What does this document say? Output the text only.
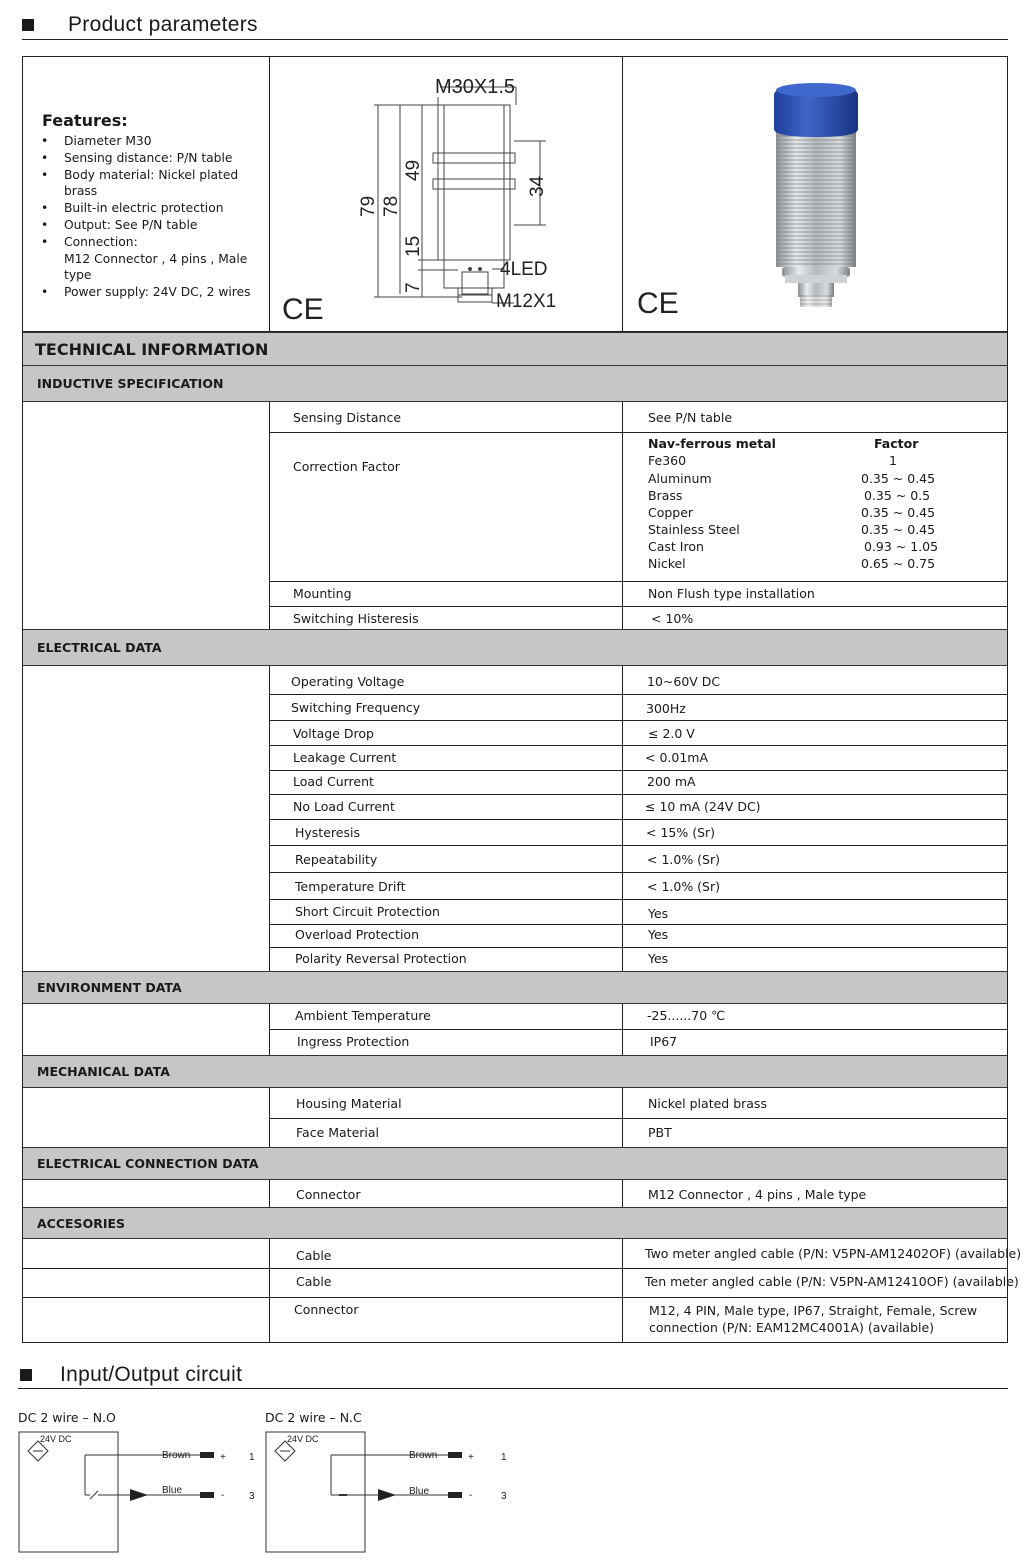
Product parameters
Features:
• Diameter M30
• Sensing distance: P/N table
• Body material: Nickel plated brass
• Built-in electric protection
• Output: See P/N table
• Connection:
M12 Connector , 4 pins , Male type
• Power supply: 24V DC, 2 wires
M30X1.5
79 78
49
34
15
7
4LED
M12X1
CE	CE
TECHNICAL INFORMATION
INDUCTIVE SPECIFICATION
Sensing Distance	See P/N table
Correction Factor
Nav-ferrous metal	Factor
Fe360	1
Aluminum	0.35 ~ 0.45
Brass	0.35 ~ 0.5
Copper	0.35 ~ 0.45
Stainless Steel	0.35 ~ 0.45
Cast Iron	0.93 ~ 1.05
Nickel	0.65 ~ 0.75
Mounting	Non Flush type installation
Switching Histeresis	< 10%
ELECTRICAL DATA
Operating Voltage	10~60V DC
Switching Frequency	300Hz
Voltage Drop	≤ 2.0 V
Leakage Current	< 0.01mA
Load Current	200 mA
No Load Current	≤ 10 mA (24V DC)
Hysteresis	< 15% (Sr)
Repeatability	< 1.0% (Sr)
Temperature Drift	< 1.0% (Sr)
Short Circuit Protection	Yes
Overload Protection	Yes
Polarity Reversal Protection	Yes
ENVIRONMENT DATA
Ambient Temperature	-25......70 ℃
Ingress Protection	IP67
MECHANICAL DATA
Housing Material	Nickel plated brass
Face Material	PBT
ELECTRICAL CONNECTION DATA
Connector	M12 Connector , 4 pins , Male type
ACCESORIES
Cable	Two meter angled cable (P/N: V5PN-AM12402OF) (available)
Cable	Ten meter angled cable (P/N: V5PN-AM12410OF) (available)
Connector	M12, 4 PIN, Male type, IP67, Straight, Female, Screw
connection (P/N: EAM12MC4001A) (available)
Input/Output circuit
DC 2 wire – N.O	DC 2 wire – N.C
24V DC
Brown
Blue
+
-
1
3
24V DC
Brown
Blue
+
-
1
3
